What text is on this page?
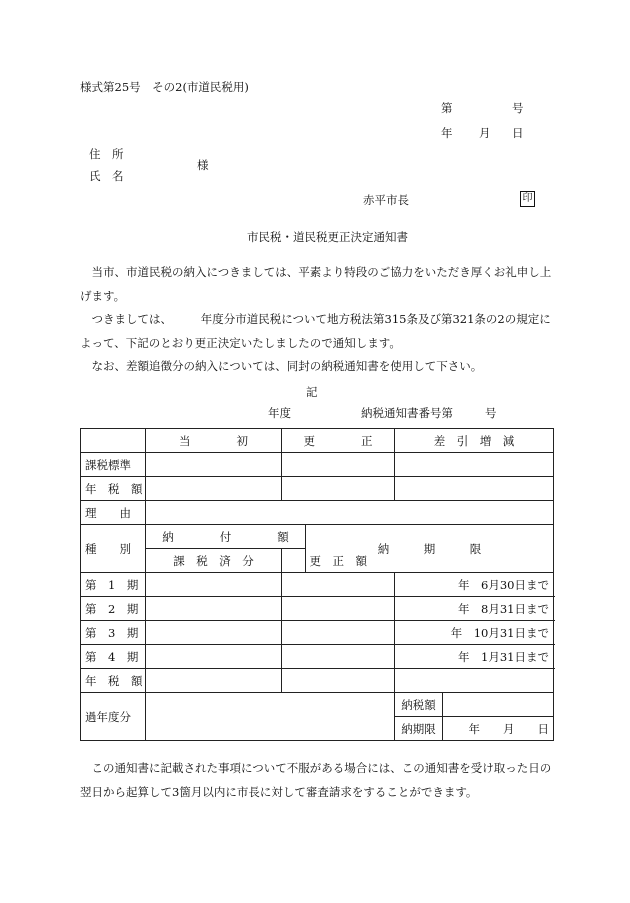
様式第25号　その2(市道民税用)
第	号
年 月 日
住　所
様
氏　名
赤平市長	印
市民税・道民税更正決定通知書
　当市、市道民税の納入につきましては、平素より特段のご協力をいただき厚くお礼申し上げます。
　つきましては、　　　年度分市道民税について地方税法第315条及び第321条の2の規定によって、下記のとおり更正決定いたしましたので通知します。
　なお、差額追徴分の納入については、同封の納税通知書を使用して下さい。
記
年度	納税通知書番号第	号
	当　　　　初	更　　　　正		差　引　増　減	
課税標準					
年　税　額					
理　　由					
種　　別	納　　　　付　　　　額		納　　　期　　　限		
	課　税　済　分	更　正　額			
第　1　期				年　6月30日まで	
第　2　期				年　8月31日まで	
第　3　期				年　10月31日まで	
第　4　期				年　1月31日まで	
年　税　額					
過年度分				納税額	
				納期限	年　　月　　日
　この通知書に記載された事項について不服がある場合には、この通知書を受け取った日の翌日から起算して3箇月以内に市長に対して審査請求をすることができます。
